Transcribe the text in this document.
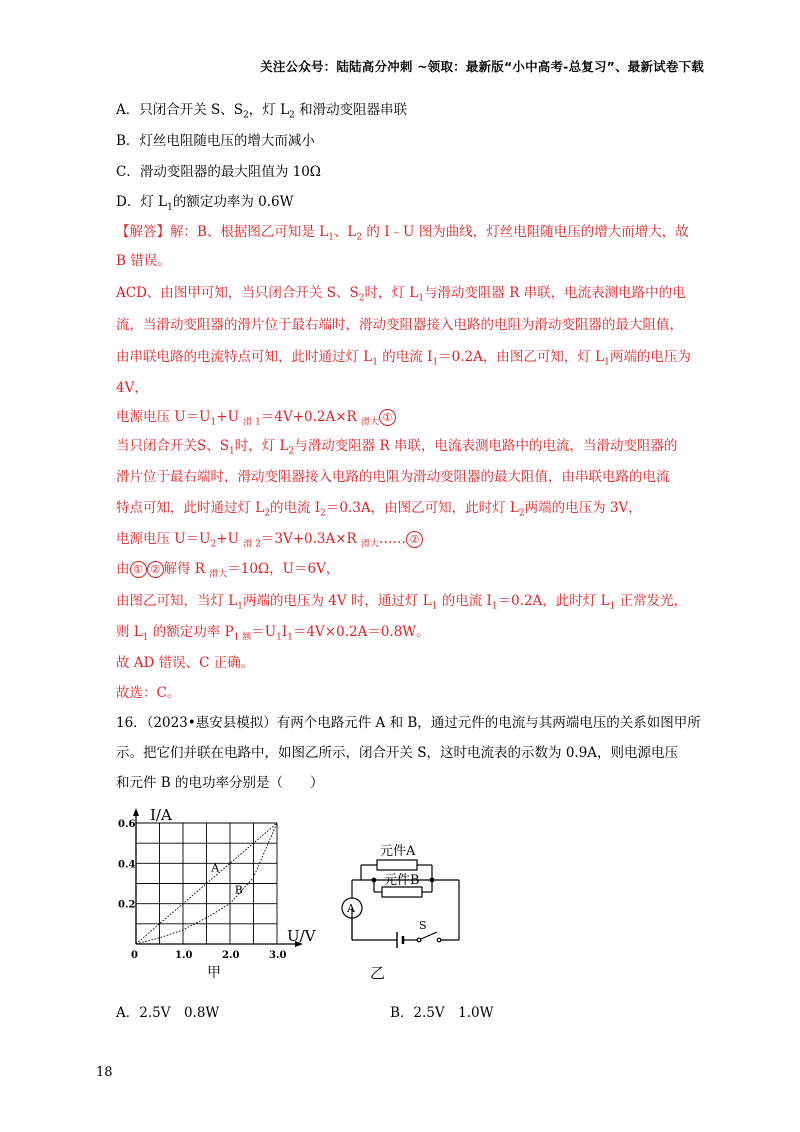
关注公众号：陆陆高分冲刺 ~领取：最新版“小中高考-总复习”、最新试卷下载
A．只闭合开关 S、$S_2$，灯 $L_2$ 和滑动变阻器串联
B．灯丝电阻随电压的增大而减小
C．滑动变阻器的最大阻值为 10Ω
D．灯 $L_1$的额定功率为 0.6W
【解答】解：B、根据图乙可知是 $L_1$、$L_2$ 的 I﹣U 图为曲线，灯丝电阻随电压的增大而增大，故
B 错误。
ACD、由图甲可知，当只闭合开关 S、$S_2$时，灯 $L_1$与滑动变阻器 R 串联，电流表测电路中的电
流，当滑动变阻器的滑片位于最右端时，滑动变阻器接入电路的电阻为滑动变阻器的最大阻值，
由串联电路的电流特点可知，此时通过灯 $L_1$ 的电流 $I_1=0.2A$，由图乙可知，灯 $L_1$两端的电压为
4V，
电源电压 $U=U_1+U$ $_{滑 1}$＝4V+0.2A×R $_{滑大}$ ①
当只闭合开关S、$S_1$时，灯 $L_2$与滑动变阻器 R 串联，电流表测电路中的电流，当滑动变阻器的
滑片位于最右端时，滑动变阻器接入电路的电阻为滑动变阻器的最大阻值，由串联电路的电流
特点可知，此时通过灯 $L_2$的电流 $I_2=0.3A$，由图乙可知，此时灯 $L_2$两端的电压为 3V，
电源电压 $U=U_2+U$ $_{滑 2}$＝3V+0.3A×R $_{滑大}$…… ②
由 ① ② 解得 R $_{滑大}$＝10Ω，U＝6V，
由图乙可知，当灯 $L_1$两端的电压为 4V 时，通过灯 $L_1$ 的电流 $I_1=0.2A$，此时灯 $L_1$ 正常发光，
则 $L_1$ 的额定功率 $P_{1 额}=U_1I_1=4V\times 0.2A=0.8W$。
故 AD 错误、C 正确。
故选：C。
16．（2023•惠安县模拟）有两个电路元件 A 和 B，通过元件的电流与其两端电压的关系如图甲所
示。把它们并联在电路中，如图乙所示，闭合开关 S，这时电流表的示数为 0.9A，则电源电压
和元件 B 的电功率分别是（　　）
1.0	2.0	3.0
0.2
0.4
0.6
I/A
U/V
0
甲
A
B
元件A
元件B
A
S
乙
A．2.5V　0.8W	B．2.5V　1.0W
18
